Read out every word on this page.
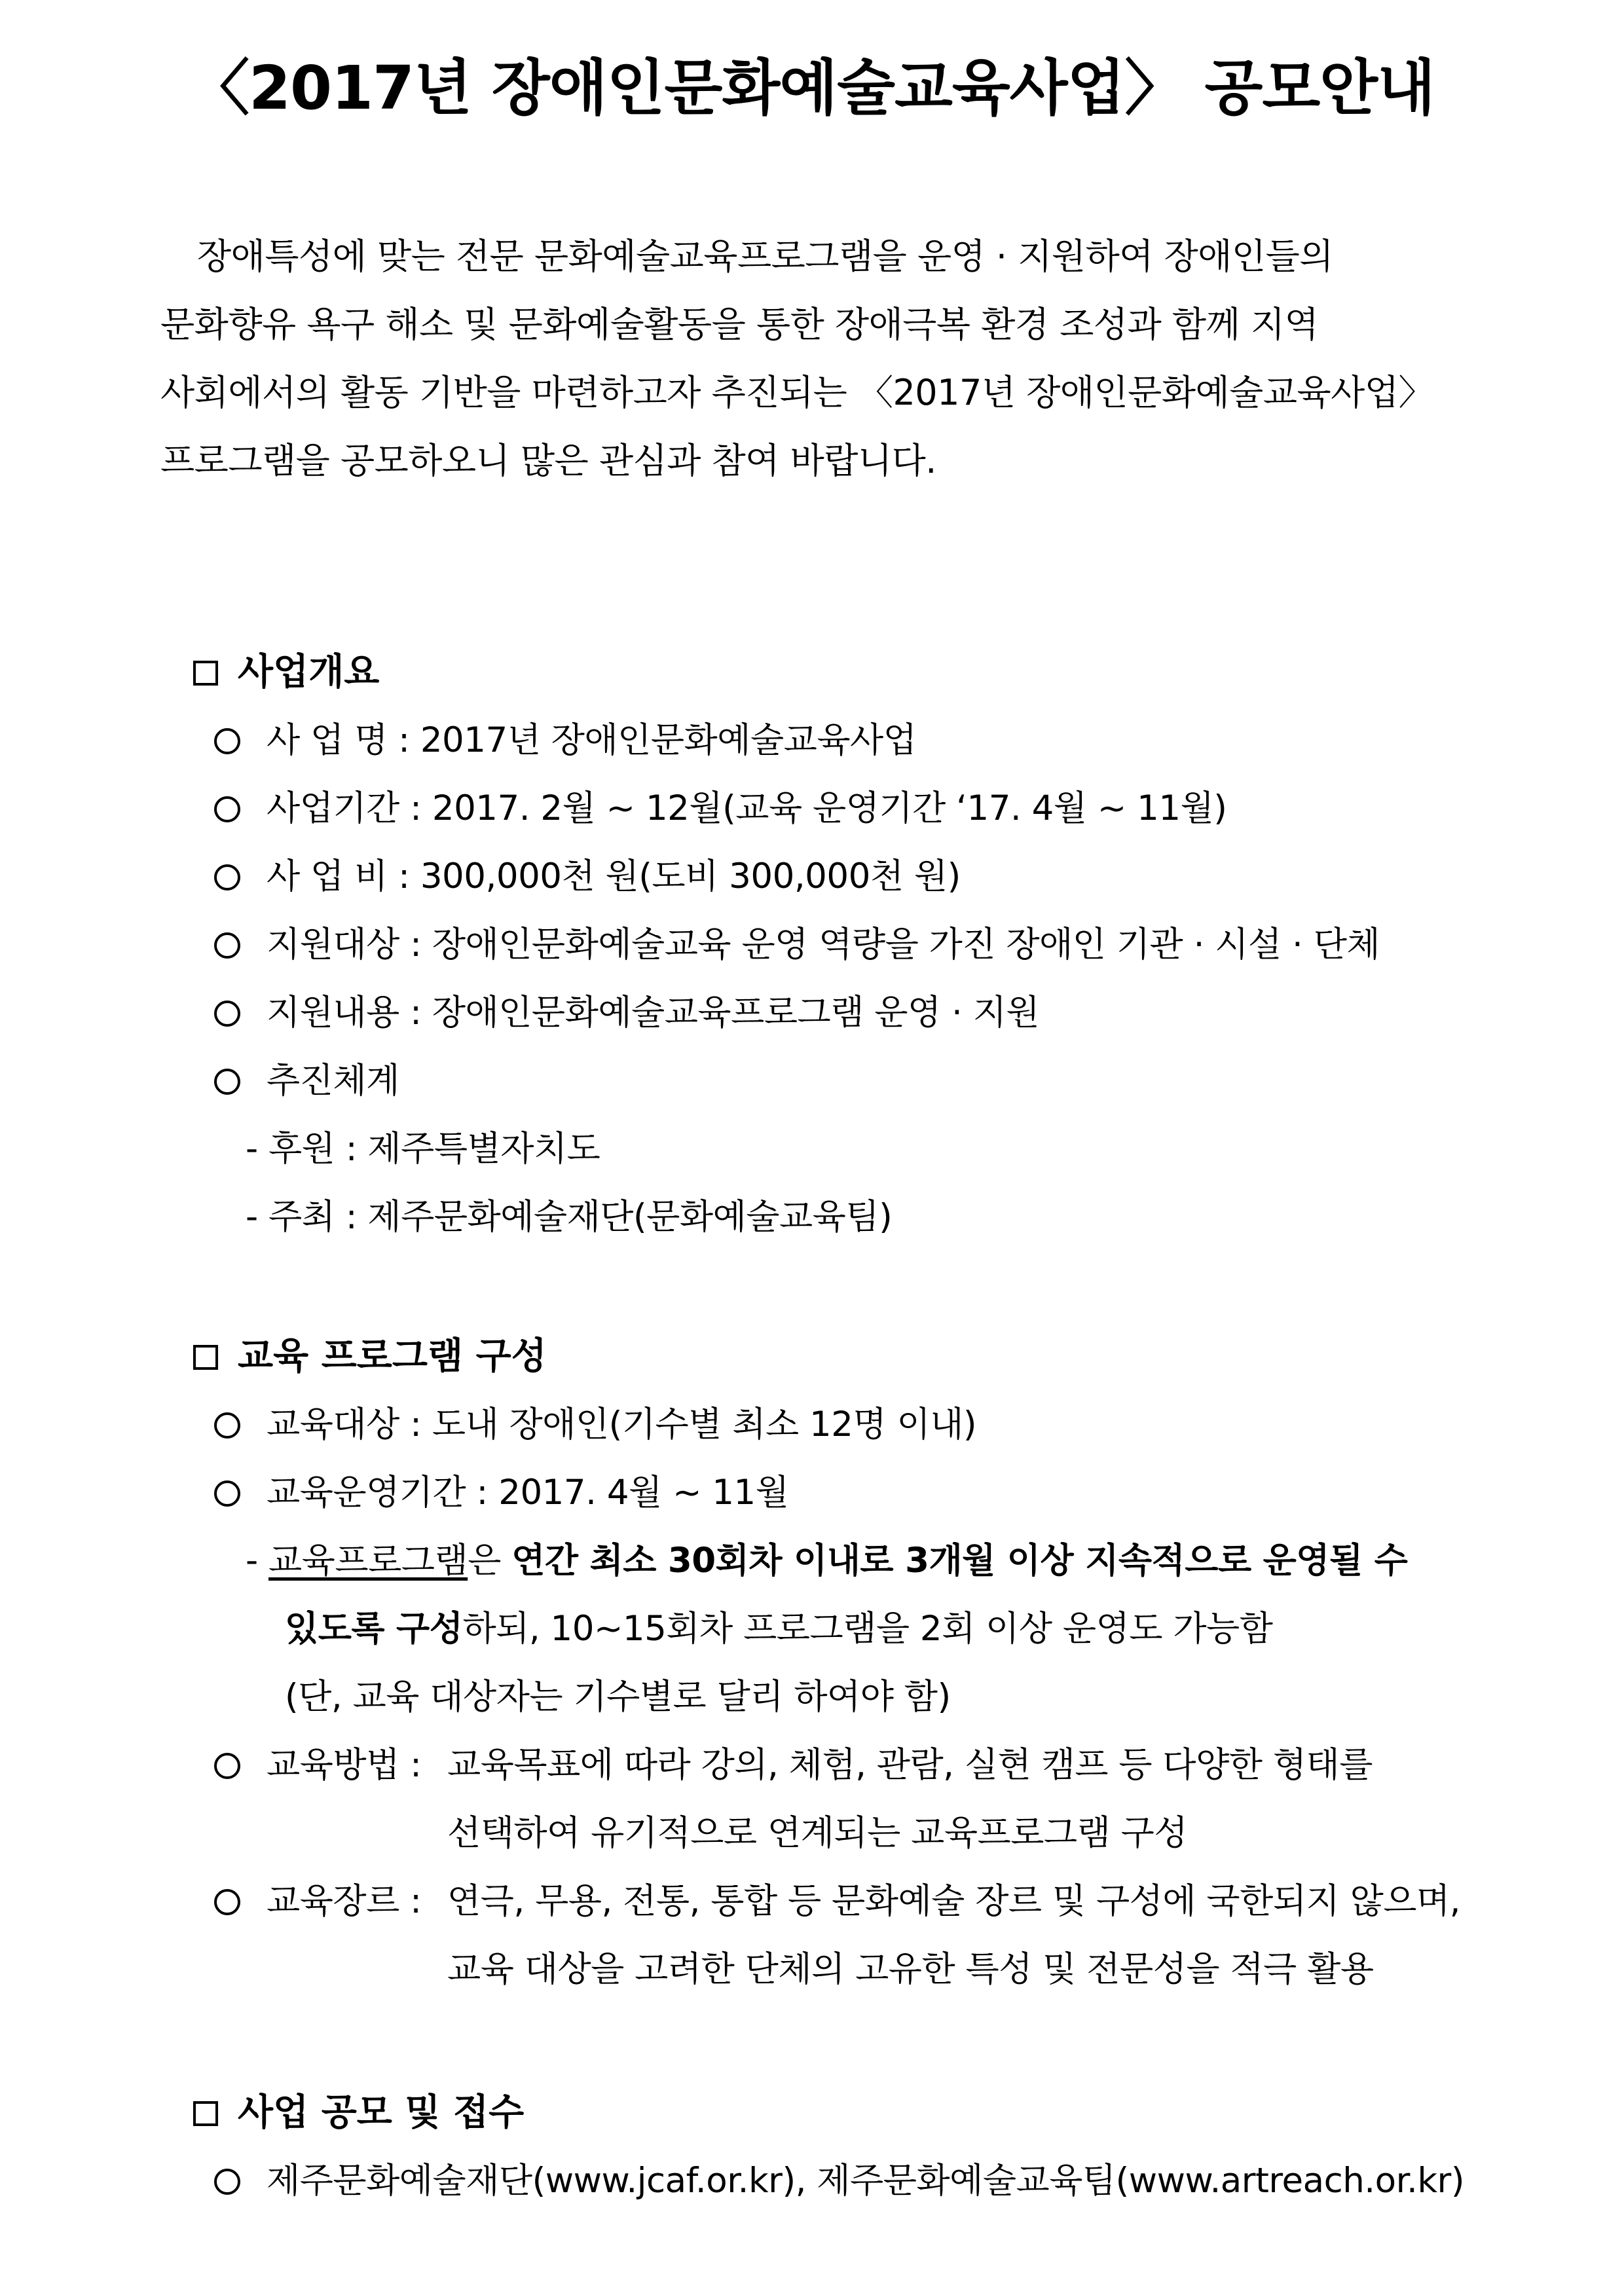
〈2017년 장애인문화예술교육사업〉 공모안내
장애특성에 맞는 전문 문화예술교육프로그램을 운영 · 지원하여 장애인들의
문화향유 욕구 해소 및 문화예술활동을 통한 장애극복 환경 조성과 함께 지역
사회에서의 활동 기반을 마련하고자 추진되는 〈2017년 장애인문화예술교육사업〉
프로그램을 공모하오니 많은 관심과 참여 바랍니다.
사업개요
사 업 명 : 2017년 장애인문화예술교육사업
사업기간 : 2017. 2월 ~ 12월(교육 운영기간 ‘17. 4월 ~ 11월)
사 업 비 : 300,000천 원(도비 300,000천 원)
지원대상 : 장애인문화예술교육 운영 역량을 가진 장애인 기관 · 시설 · 단체
지원내용 : 장애인문화예술교육프로그램 운영 · 지원
추진체계
- 후원 : 제주특별자치도
- 주최 : 제주문화예술재단(문화예술교육팀)
교육 프로그램 구성
교육대상 : 도내 장애인(기수별 최소 12명 이내)
교육운영기간 : 2017. 4월 ~ 11월
- 교육프로그램은 연간 최소 30회차 이내로 3개월 이상 지속적으로 운영될 수
있도록 구성하되, 10~15회차 프로그램을 2회 이상 운영도 가능함
(단, 교육 대상자는 기수별로 달리 하여야 함)
교육방법 : 교육목표에 따라 강의, 체험, 관람, 실현 캠프 등 다양한 형태를
선택하여 유기적으로 연계되는 교육프로그램 구성
교육장르 : 연극, 무용, 전통, 통합 등 문화예술 장르 및 구성에 국한되지 않으며,
교육 대상을 고려한 단체의 고유한 특성 및 전문성을 적극 활용
사업 공모 및 접수
제주문화예술재단(www.jcaf.or.kr), 제주문화예술교육팀(www.artreach.or.kr)
